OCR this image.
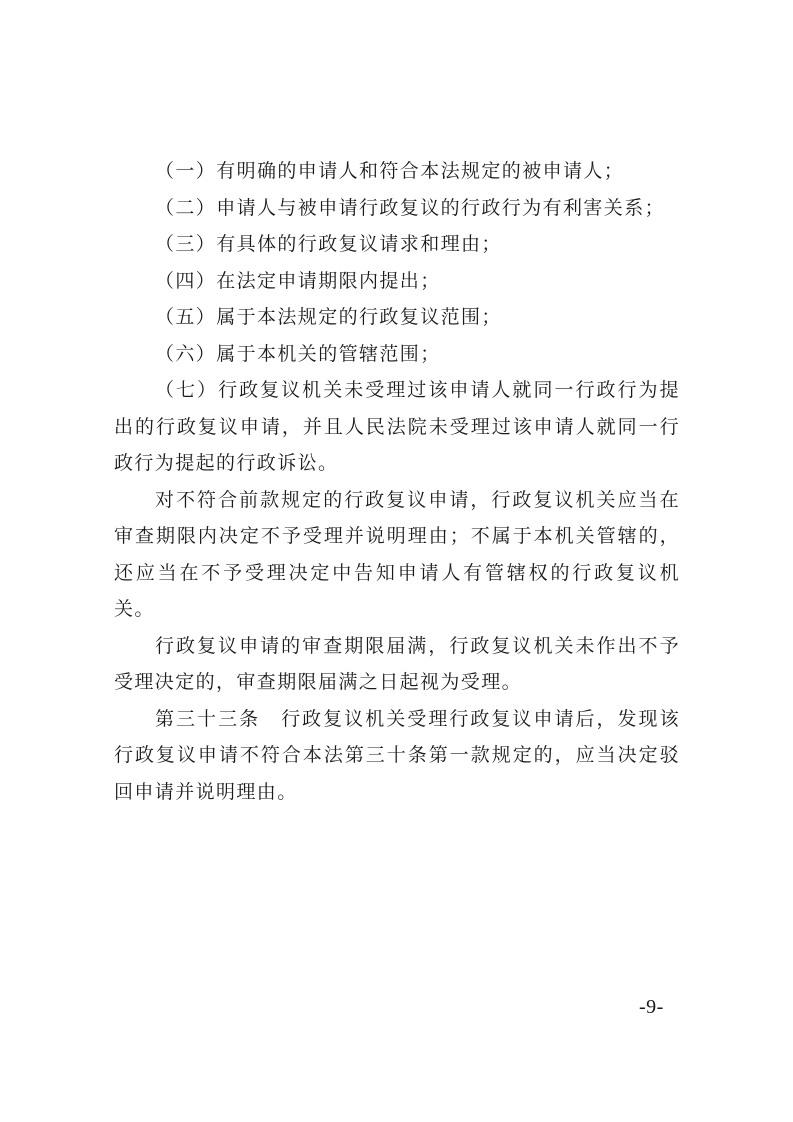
（一）有明确的申请人和符合本法规定的被申请人；

（二）申请人与被申请行政复议的行政行为有利害关系；

（三）有具体的行政复议请求和理由；

（四）在法定申请期限内提出；

（五）属于本法规定的行政复议范围；

（六）属于本机关的管辖范围；

（七）行政复议机关未受理过该申请人就同一行政行为提出的行政复议申请，并且人民法院未受理过该申请人就同一行政行为提起的行政诉讼。

对不符合前款规定的行政复议申请，行政复议机关应当在审查期限内决定不予受理并说明理由；不属于本机关管辖的，还应当在不予受理决定中告知申请人有管辖权的行政复议机关。

行政复议申请的审查期限届满，行政复议机关未作出不予受理决定的，审查期限届满之日起视为受理。

第三十三条　行政复议机关受理行政复议申请后，发现该行政复议申请不符合本法第三十条第一款规定的，应当决定驳回申请并说明理由。

-9-
